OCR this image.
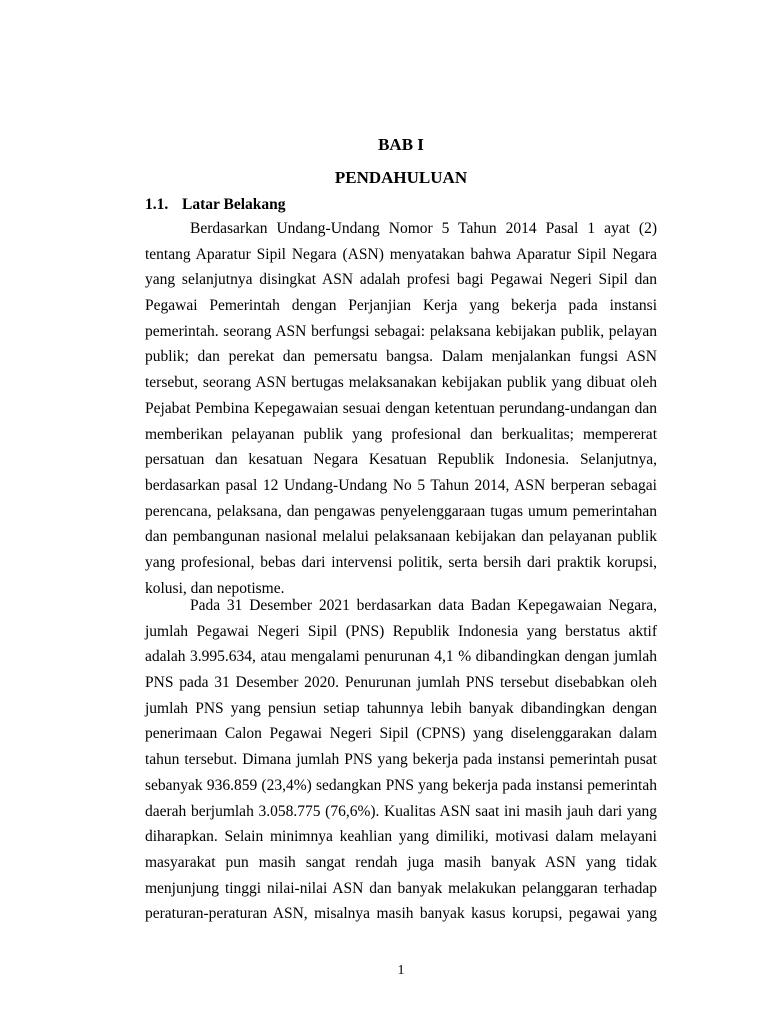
BAB I
PENDAHULUAN
1.1. Latar Belakang
Berdasarkan Undang-Undang Nomor 5 Tahun 2014 Pasal 1 ayat (2)
tentang Aparatur Sipil Negara (ASN) menyatakan bahwa Aparatur Sipil Negara
yang selanjutnya disingkat ASN adalah profesi bagi Pegawai Negeri Sipil dan
Pegawai Pemerintah dengan Perjanjian Kerja yang bekerja pada instansi
pemerintah. seorang ASN berfungsi sebagai: pelaksana kebijakan publik, pelayan
publik; dan perekat dan pemersatu bangsa. Dalam menjalankan fungsi ASN
tersebut, seorang ASN bertugas melaksanakan kebijakan publik yang dibuat oleh
Pejabat Pembina Kepegawaian sesuai dengan ketentuan perundang-undangan dan
memberikan pelayanan publik yang profesional dan berkualitas; mempererat
persatuan dan kesatuan Negara Kesatuan Republik Indonesia. Selanjutnya,
berdasarkan pasal 12 Undang-Undang No 5 Tahun 2014, ASN berperan sebagai
perencana, pelaksana, dan pengawas penyelenggaraan tugas umum pemerintahan
dan pembangunan nasional melalui pelaksanaan kebijakan dan pelayanan publik
yang profesional, bebas dari intervensi politik, serta bersih dari praktik korupsi,
kolusi, dan nepotisme.
Pada 31 Desember 2021 berdasarkan data Badan Kepegawaian Negara,
jumlah Pegawai Negeri Sipil (PNS) Republik Indonesia yang berstatus aktif
adalah 3.995.634, atau mengalami penurunan 4,1 % dibandingkan dengan jumlah
PNS pada 31 Desember 2020. Penurunan jumlah PNS tersebut disebabkan oleh
jumlah PNS yang pensiun setiap tahunnya lebih banyak dibandingkan dengan
penerimaan Calon Pegawai Negeri Sipil (CPNS) yang diselenggarakan dalam
tahun tersebut. Dimana jumlah PNS yang bekerja pada instansi pemerintah pusat
sebanyak 936.859 (23,4%) sedangkan PNS yang bekerja pada instansi pemerintah
daerah berjumlah 3.058.775 (76,6%). Kualitas ASN saat ini masih jauh dari yang
diharapkan. Selain minimnya keahlian yang dimiliki, motivasi dalam melayani
masyarakat pun masih sangat rendah juga masih banyak ASN yang tidak
menjunjung tinggi nilai-nilai ASN dan banyak melakukan pelanggaran terhadap
peraturan-peraturan ASN, misalnya masih banyak kasus korupsi, pegawai yang
1
